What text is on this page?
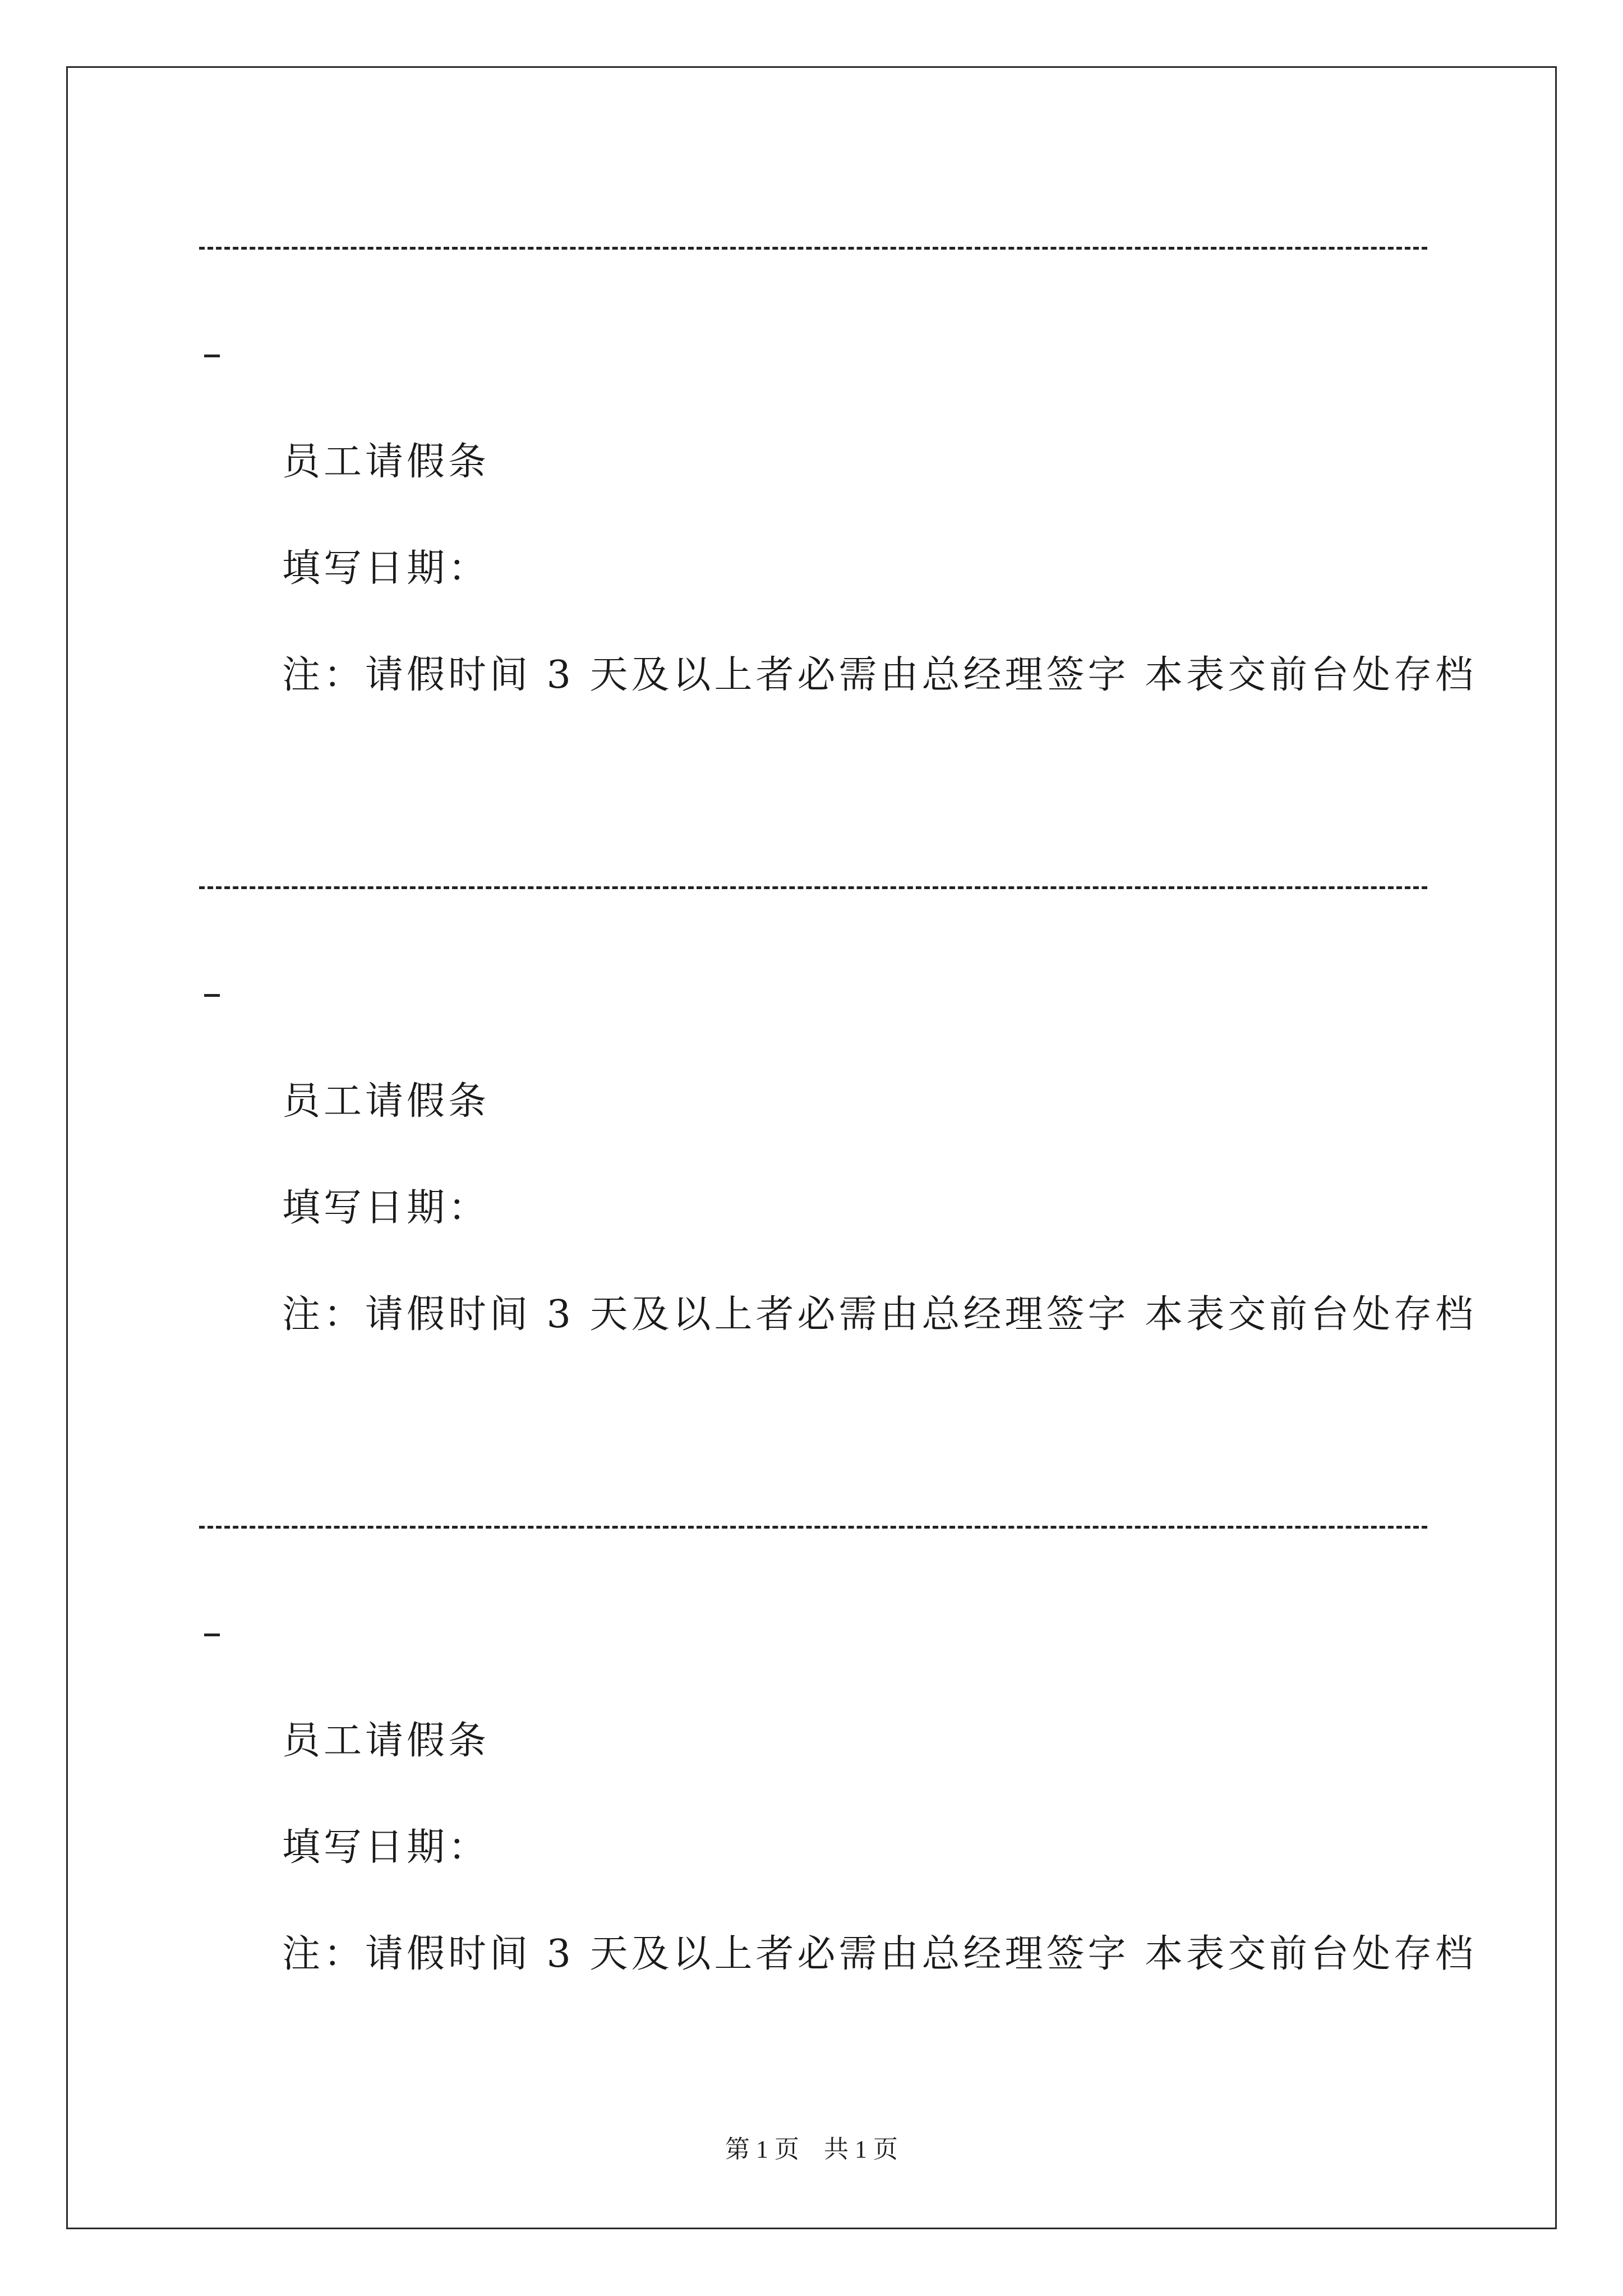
员工请假条
填写日期：
注：请假时间 3 天及以上者必需由总经理签字 本表交前台处存档
员工请假条
填写日期：
注：请假时间 3 天及以上者必需由总经理签字 本表交前台处存档
员工请假条
填写日期：
注：请假时间 3 天及以上者必需由总经理签字 本表交前台处存档
第 1 页    共 1 页
